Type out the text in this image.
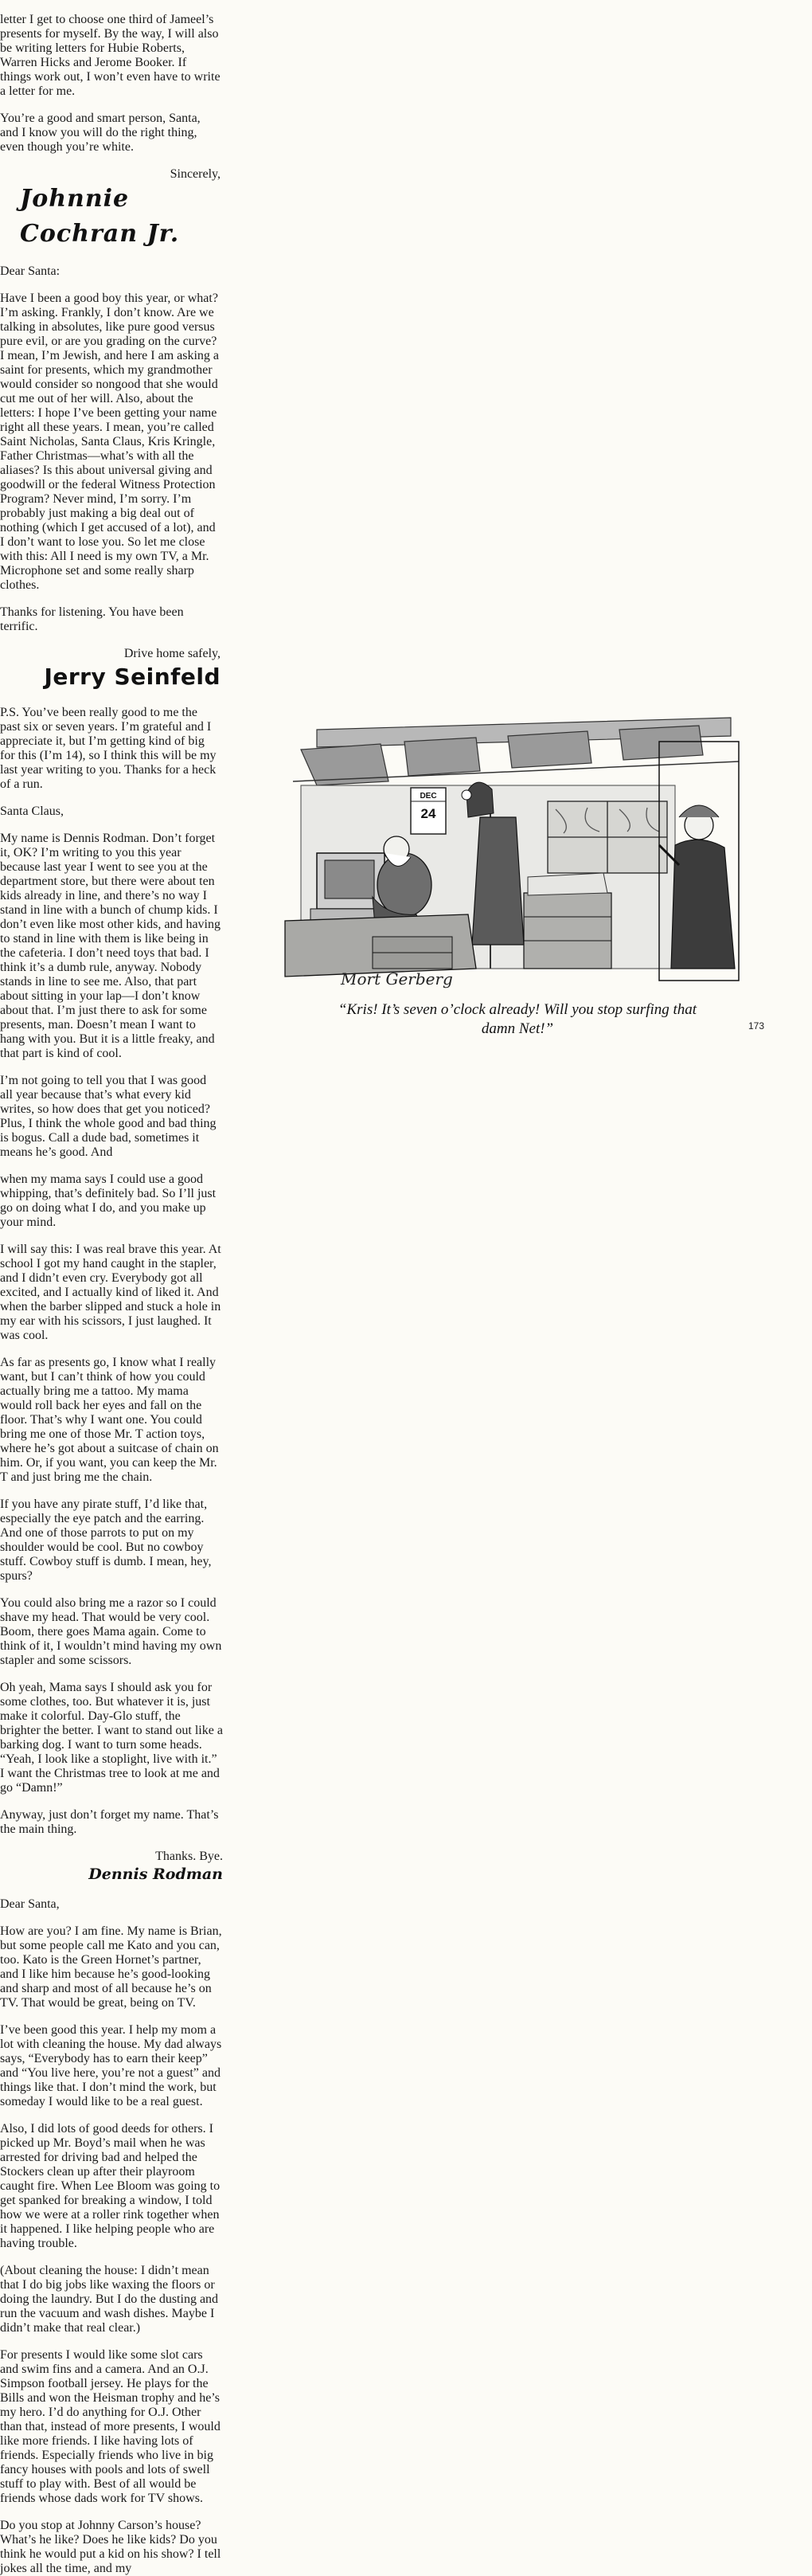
letter I get to choose one third of Jameel’s presents for myself. By the way, I will also be writing letters for Hubie Roberts, Warren Hicks and Jerome Booker. If things work out, I won’t even have to write a letter for me.

You’re a good and smart person, Santa, and I know you will do the right thing, even though you’re white.

Sincerely,

Johnnie Cochran Jr.

Dear Santa:

Have I been a good boy this year, or what? I’m asking. Frankly, I don’t know. Are we talking in absolutes, like pure good versus pure evil, or are you grading on the curve? I mean, I’m Jewish, and here I am asking a saint for presents, which my grandmother would consider so nongood that she would cut me out of her will. Also, about the letters: I hope I’ve been getting your name right all these years. I mean, you’re called Saint Nicholas, Santa Claus, Kris Kringle, Father Christmas—what’s with all the aliases? Is this about universal giving and goodwill or the federal Witness Protection Program? Never mind, I’m sorry. I’m probably just making a big deal out of nothing (which I get accused of a lot), and I don’t want to lose you. So let me close with this: All I need is my own TV, a Mr. Microphone set and some really sharp clothes.

Thanks for listening. You have been terrific.

Drive home safely,

Jerry Seinfeld

P.S. You’ve been really good to me the past six or seven years. I’m grateful and I appreciate it, but I’m getting kind of big for this (I’m 14), so I think this will be my last year writing to you. Thanks for a heck of a run.

Santa Claus,

My name is Dennis Rodman. Don’t forget it, OK? I’m writing to you this year because last year I went to see you at the department store, but there were about ten kids already in line, and there’s no way I stand in line with a bunch of chump kids. I don’t even like most other kids, and having to stand in line with them is like being in the cafeteria. I don’t need toys that bad. I think it’s a dumb rule, anyway. Nobody stands in line to see me. Also, that part about sitting in your lap—I don’t know about that. I’m just there to ask for some presents, man. Doesn’t mean I want to hang with you. But it is a little freaky, and that part is kind of cool.

I’m not going to tell you that I was good all year because that’s what every kid writes, so how does that get you noticed? Plus, I think the whole good and bad thing is bogus. Call a dude bad, sometimes it means he’s good. And

when my mama says I could use a good whipping, that’s definitely bad. So I’ll just go on doing what I do, and you make up your mind.

I will say this: I was real brave this year. At school I got my hand caught in the stapler, and I didn’t even cry. Everybody got all excited, and I actually kind of liked it. And when the barber slipped and stuck a hole in my ear with his scissors, I just laughed. It was cool.

As far as presents go, I know what I really want, but I can’t think of how you could actually bring me a tattoo. My mama would roll back her eyes and fall on the floor. That’s why I want one. You could bring me one of those Mr. T action toys, where he’s got about a suitcase of chain on him. Or, if you want, you can keep the Mr. T and just bring me the chain.

If you have any pirate stuff, I’d like that, especially the eye patch and the earring. And one of those parrots to put on my shoulder would be cool. But no cowboy stuff. Cowboy stuff is dumb. I mean, hey, spurs?

You could also bring me a razor so I could shave my head. That would be very cool. Boom, there goes Mama again. Come to think of it, I wouldn’t mind having my own stapler and some scissors.

Oh yeah, Mama says I should ask you for some clothes, too. But whatever it is, just make it colorful. Day-Glo stuff, the brighter the better. I want to stand out like a barking dog. I want to turn some heads. “Yeah, I look like a stoplight, live with it.” I want the Christmas tree to look at me and go “Damn!”

Anyway, just don’t forget my name. That’s the main thing.

Thanks. Bye.

Dennis Rodman

Dear Santa,

How are you? I am fine. My name is Brian, but some people call me Kato and you can, too. Kato is the Green Hornet’s partner, and I like him because he’s good-looking and sharp and most of all because he’s on TV. That would be great, being on TV.

I’ve been good this year. I help my mom a lot with cleaning the house. My dad always says, “Everybody has to earn their keep” and “You live here, you’re not a guest” and things like that. I don’t mind the work, but someday I would like to be a real guest.

Also, I did lots of good deeds for others. I picked up Mr. Boyd’s mail when he was arrested for driving bad and helped the Stockers clean up after their playroom caught fire. When Lee Bloom was going to get spanked for breaking a window, I told how we were at a roller rink together when it happened. I like helping people who are having trouble.

(About cleaning the house: I didn’t mean that I do big jobs like waxing the floors or doing the laundry. But I do the dusting and run the vacuum and wash dishes. Maybe I didn’t make that real clear.)

For presents I would like some slot cars and swim fins and a camera. And an O.J. Simpson football jersey. He plays for the Bills and won the Heisman trophy and he’s my hero. I’d do anything for O.J. Other than that, instead of more presents, I would like more friends. I like having lots of friends. Especially friends who live in big fancy houses with pools and lots of swell stuff to play with. Best of all would be friends whose dads work for TV shows.

Do you stop at Johnny Carson’s house? What’s he like? Does he like kids? Do you think he would put a kid on his show? I tell jokes all the time, and my

DEC
24
Mort Gerberg
“Kris! It’s seven o’clock already! Will you stop surfing that damn Net!”	173
